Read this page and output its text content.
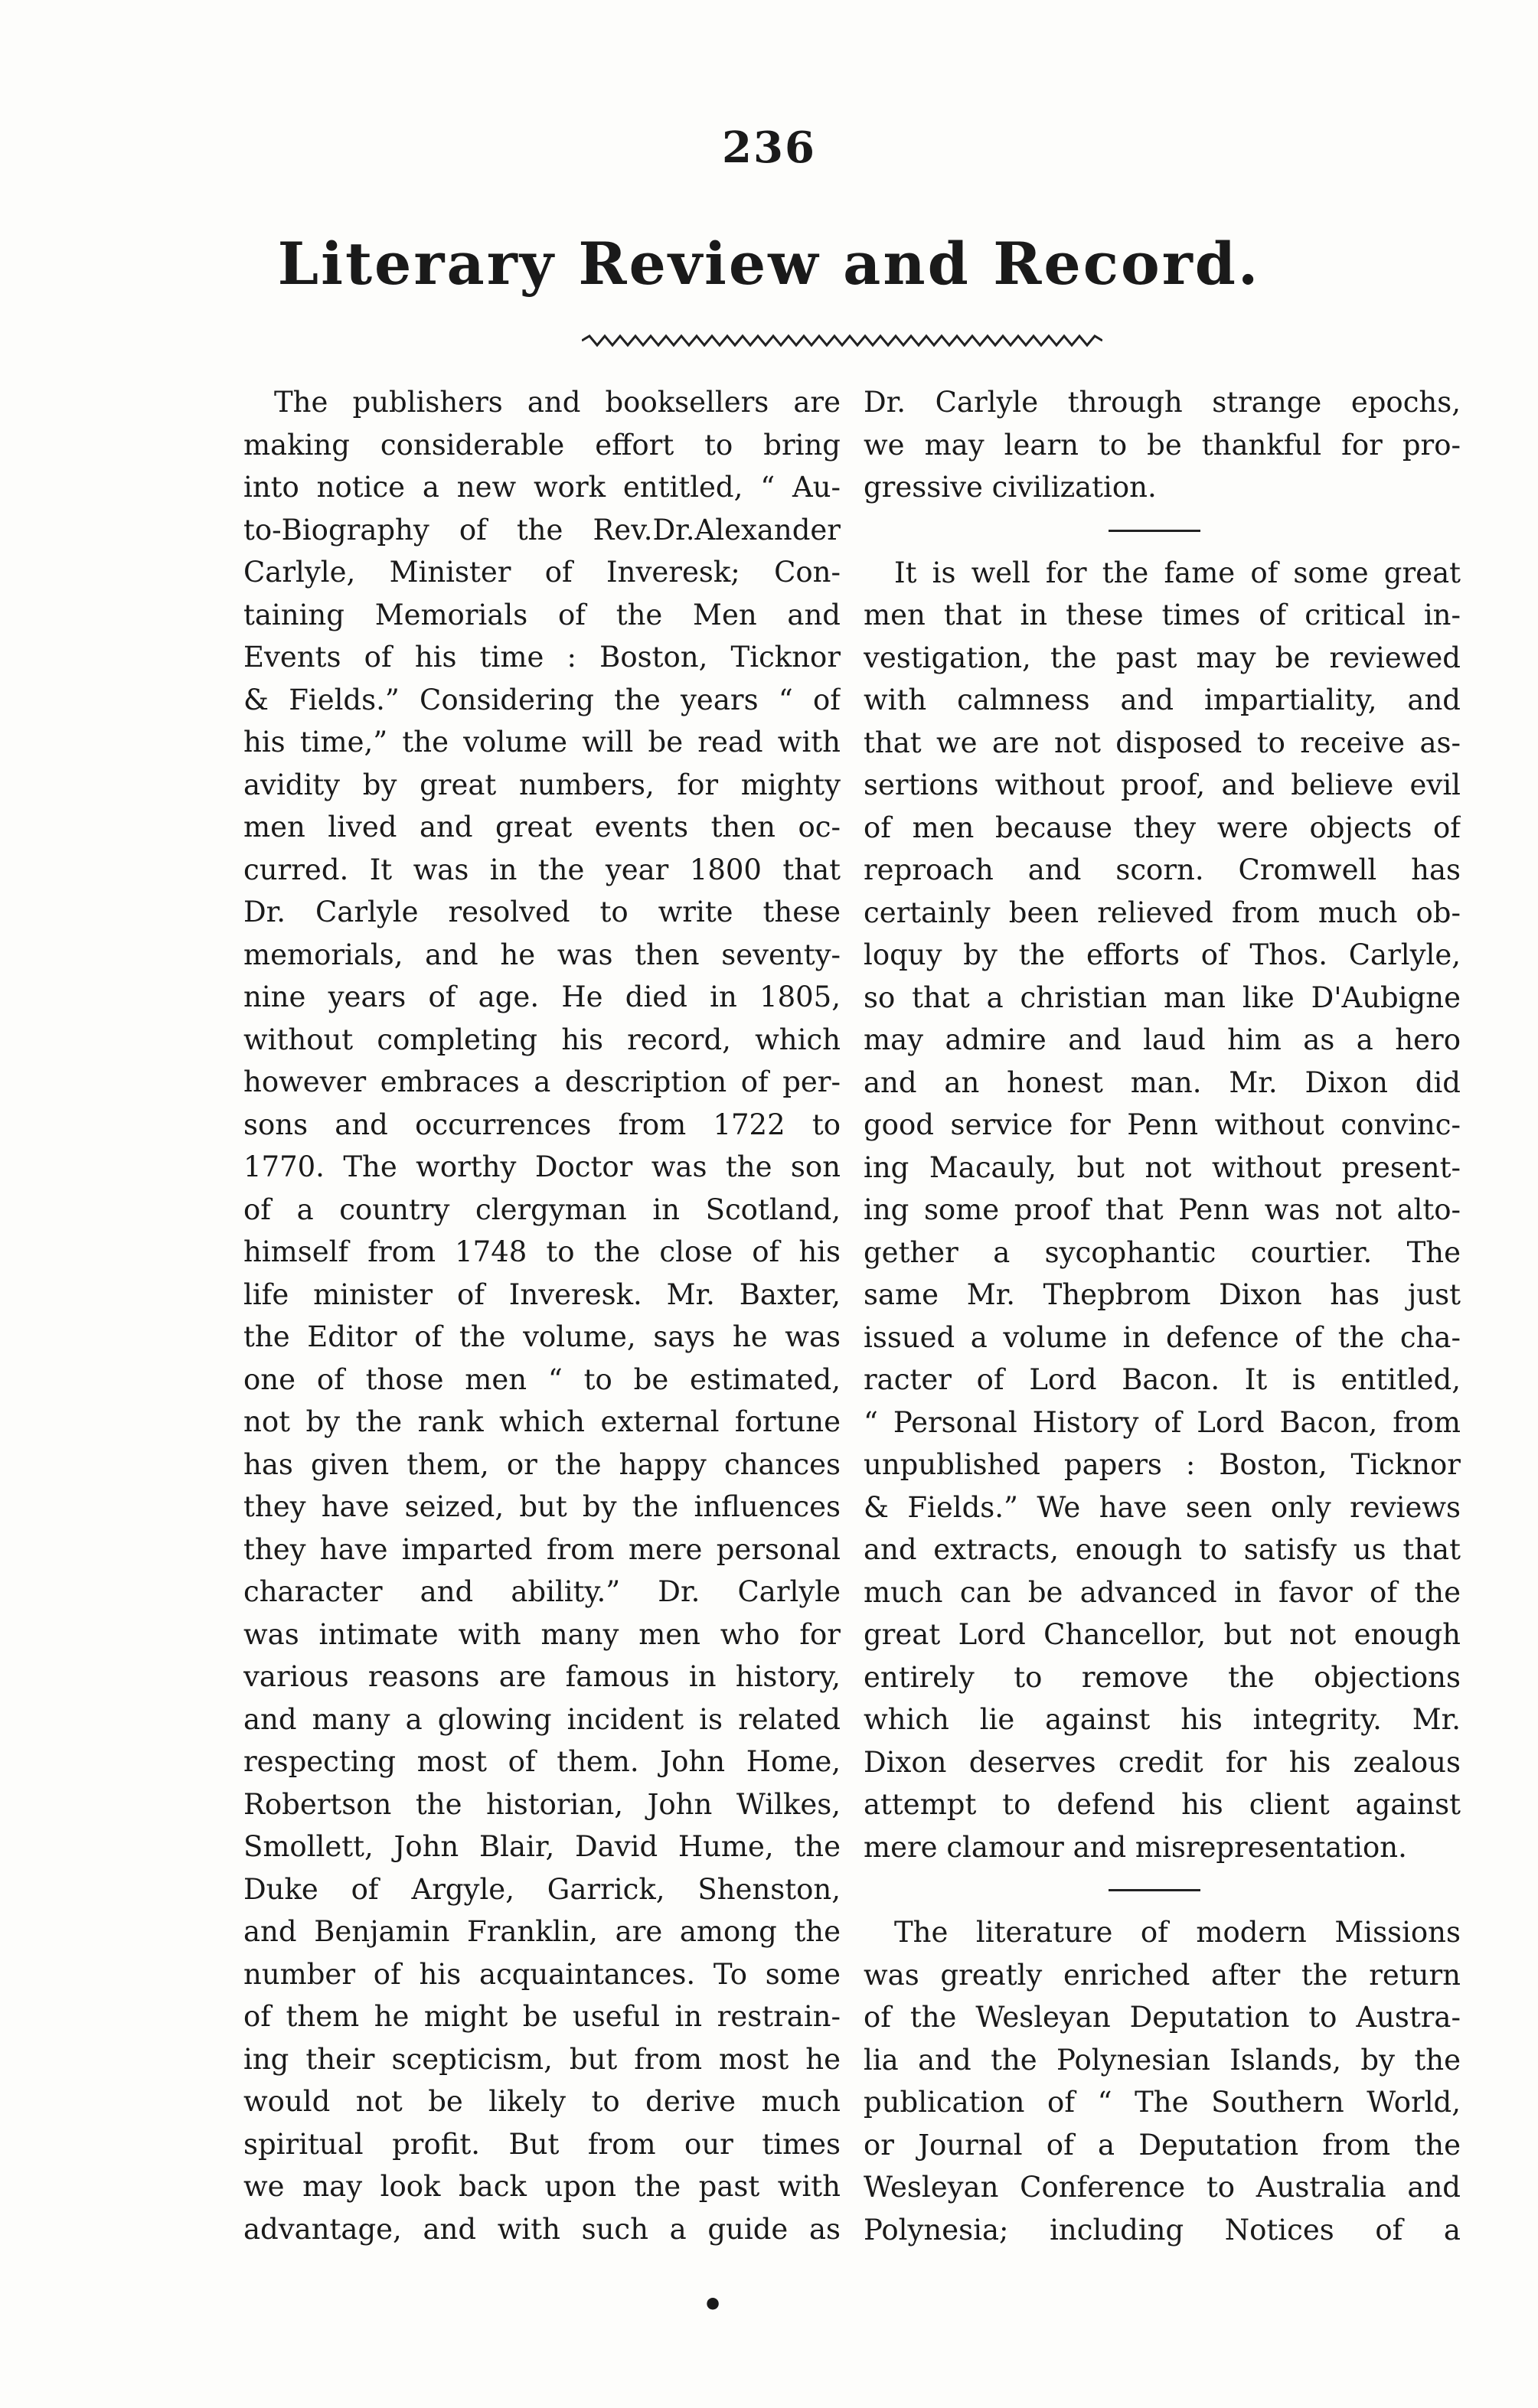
236
Literary Review and Record.
The publishers and booksellers are
making considerable effort to bring
into notice a new work entitled, “ Au-
to-Biography of the Rev.Dr.Alexander
Carlyle, Minister of Inveresk; Con-
taining Memorials of the Men and
Events of his time : Boston, Ticknor
& Fields.” Considering the years “ of
his time,” the volume will be read with
avidity by great numbers, for mighty
men lived and great events then oc-
curred. It was in the year 1800 that
Dr. Carlyle resolved to write these
memorials, and he was then seventy-
nine years of age. He died in 1805,
without completing his record, which
however embraces a description of per-
sons and occurrences from 1722 to
1770. The worthy Doctor was the son
of a country clergyman in Scotland,
himself from 1748 to the close of his
life minister of Inveresk. Mr. Baxter,
the Editor of the volume, says he was
one of those men “ to be estimated,
not by the rank which external fortune
has given them, or the happy chances
they have seized, but by the influences
they have imparted from mere personal
character and ability.” Dr. Carlyle
was intimate with many men who for
various reasons are famous in history,
and many a glowing incident is related
respecting most of them. John Home,
Robertson the historian, John Wilkes,
Smollett, John Blair, David Hume, the
Duke of Argyle, Garrick, Shenston,
and Benjamin Franklin, are among the
number of his acquaintances. To some
of them he might be useful in restrain-
ing their scepticism, but from most he
would not be likely to derive much
spiritual profit. But from our times
we may look back upon the past with
advantage, and with such a guide as
Dr. Carlyle through strange epochs,
we may learn to be thankful for pro-
gressive civilization.
It is well for the fame of some great
men that in these times of critical in-
vestigation, the past may be reviewed
with calmness and impartiality, and
that we are not disposed to receive as-
sertions without proof, and believe evil
of men because they were objects of
reproach and scorn. Cromwell has
certainly been relieved from much ob-
loquy by the efforts of Thos. Carlyle,
so that a christian man like D'Aubigne
may admire and laud him as a hero
and an honest man. Mr. Dixon did
good service for Penn without convinc-
ing Macauly, but not without present-
ing some proof that Penn was not alto-
gether a sycophantic courtier. The
same Mr. Thepbrom Dixon has just
issued a volume in defence of the cha-
racter of Lord Bacon. It is entitled,
“ Personal History of Lord Bacon, from
unpublished papers : Boston, Ticknor
& Fields.” We have seen only reviews
and extracts, enough to satisfy us that
much can be advanced in favor of the
great Lord Chancellor, but not enough
entirely to remove the objections
which lie against his integrity. Mr.
Dixon deserves credit for his zealous
attempt to defend his client against
mere clamour and misrepresentation.
The literature of modern Missions
was greatly enriched after the return
of the Wesleyan Deputation to Austra-
lia and the Polynesian Islands, by the
publication of “ The Southern World,
or Journal of a Deputation from the
Wesleyan Conference to Australia and
Polynesia; including Notices of a
•
